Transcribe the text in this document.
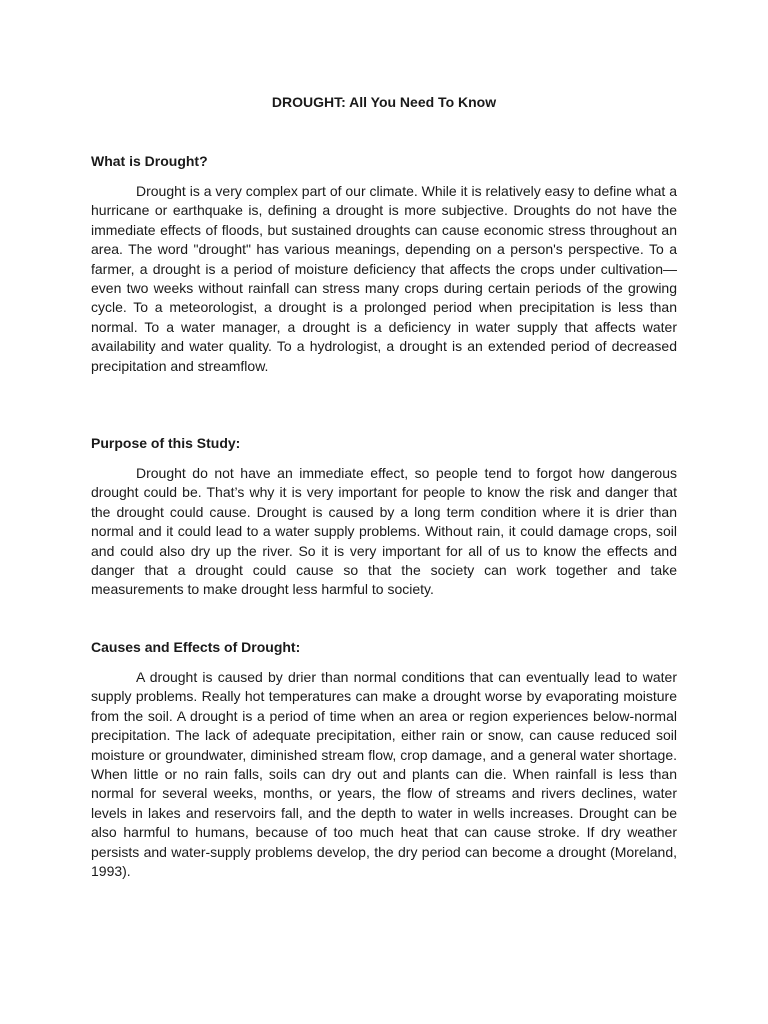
DROUGHT: All You Need To Know
What is Drought?

Drought is a very complex part of our climate. While it is relatively easy to define what a hurricane or earthquake is, defining a drought is more subjective. Droughts do not have the immediate effects of floods, but sustained droughts can cause economic stress throughout an area. The word "drought" has various meanings, depending on a person's perspective. To a farmer, a drought is a period of moisture deficiency that affects the crops under cultivation—even two weeks without rainfall can stress many crops during certain periods of the growing cycle. To a meteorologist, a drought is a prolonged period when precipitation is less than normal. To a water manager, a drought is a deficiency in water supply that affects water availability and water quality. To a hydrologist, a drought is an extended period of decreased precipitation and streamflow.

Purpose of this Study:

Drought do not have an immediate effect, so people tend to forgot how dangerous drought could be. That’s why it is very important for people to know the risk and danger that the drought could cause. Drought is caused by a long term condition where it is drier than normal and it could lead to a water supply problems. Without rain, it could damage crops, soil and could also dry up the river. So it is very important for all of us to know the effects and danger that a drought could cause so that the society can work together and take measurements to make drought less harmful to society.

Causes and Effects of Drought:

A drought is caused by drier than normal conditions that can eventually lead to water supply problems. Really hot temperatures can make a drought worse by evaporating moisture from the soil. A drought is a period of time when an area or region experiences below-normal precipitation. The lack of adequate precipitation, either rain or snow, can cause reduced soil moisture or groundwater, diminished stream flow, crop damage, and a general water shortage. When little or no rain falls, soils can dry out and plants can die. When rainfall is less than normal for several weeks, months, or years, the flow of streams and rivers declines, water levels in lakes and reservoirs fall, and the depth to water in wells increases. Drought can be also harmful to humans, because of too much heat that can cause stroke. If dry weather persists and water-supply problems develop, the dry period can become a drought (Moreland, 1993).
